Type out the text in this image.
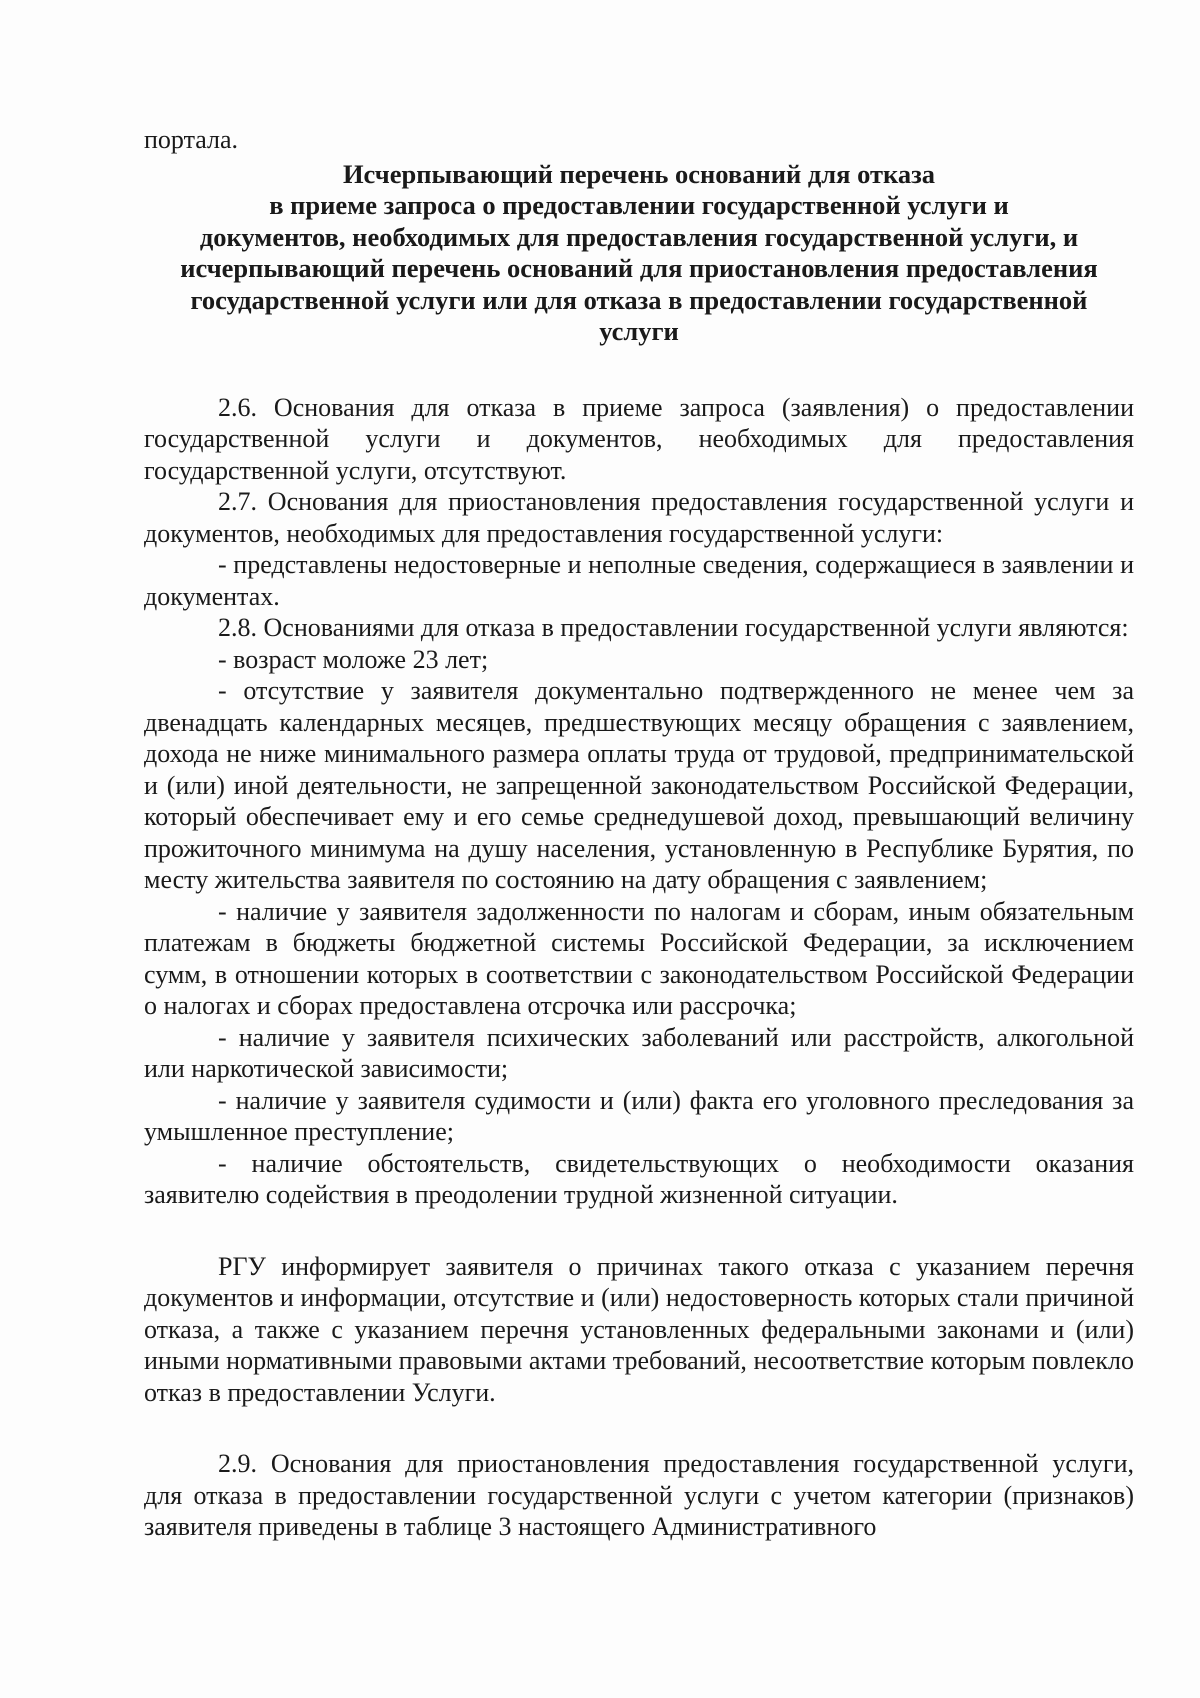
портала.
Исчерпывающий перечень оснований для отказа
в приеме запроса о предоставлении государственной услуги и
документов, необходимых для предоставления государственной услуги, и
исчерпывающий перечень оснований для приостановления предоставления
государственной услуги или для отказа в предоставлении государственной
услуги

2.6. Основания для отказа в приеме запроса (заявления) о предоставлении государственной услуги и документов, необходимых для предоставления государственной услуги, отсутствуют.

2.7. Основания для приостановления предоставления государственной услуги и документов, необходимых для предоставления государственной услуги:

- представлены недостоверные и неполные сведения, содержащиеся в заявлении и документах.

2.8. Основаниями для отказа в предоставлении государственной услуги являются:

- возраст моложе 23 лет;

- отсутствие у заявителя документально подтвержденного не менее чем за двенадцать календарных месяцев, предшествующих месяцу обращения с заявлением, дохода не ниже минимального размера оплаты труда от трудовой, предпринимательской и (или) иной деятельности, не запрещенной законодательством Российской Федерации, который обеспечивает ему и его семье среднедушевой доход, превышающий величину прожиточного минимума на душу населения, установленную в Республике Бурятия, по месту жительства заявителя по состоянию на дату обращения с заявлением;

- наличие у заявителя задолженности по налогам и сборам, иным обязательным платежам в бюджеты бюджетной системы Российской Федерации, за исключением сумм, в отношении которых в соответствии с законодательством Российской Федерации о налогах и сборах предоставлена отсрочка или рассрочка;

- наличие у заявителя психических заболеваний или расстройств, алкогольной или наркотической зависимости;

- наличие у заявителя судимости и (или) факта его уголовного преследования за умышленное преступление;

- наличие обстоятельств, свидетельствующих о необходимости оказания заявителю содействия в преодолении трудной жизненной ситуации.

РГУ информирует заявителя о причинах такого отказа с указанием перечня документов и информации, отсутствие и (или) недостоверность которых стали причиной отказа, а также с указанием перечня установленных федеральными законами и (или) иными нормативными правовыми актами требований, несоответствие которым повлекло отказ в предоставлении Услуги.

2.9. Основания для приостановления предоставления государственной услуги, для отказа в предоставлении государственной услуги с учетом категории (признаков) заявителя приведены в таблице 3 настоящего Административного
